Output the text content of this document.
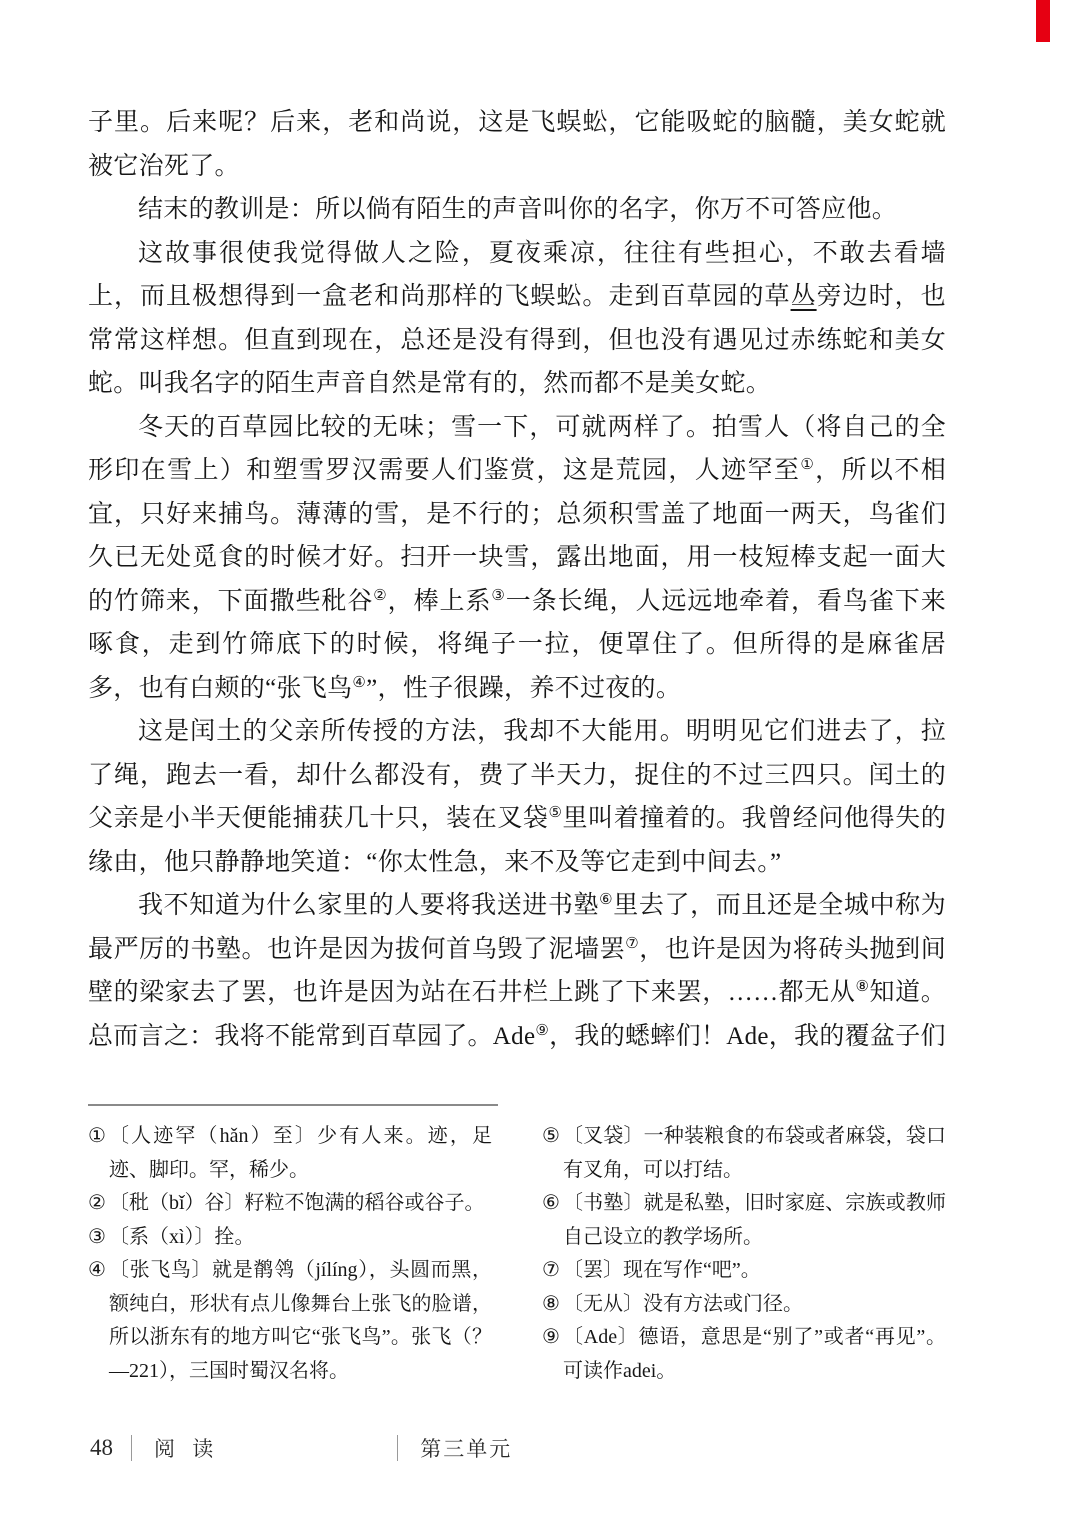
子里。后来呢？后来，老和尚说，这是飞蜈蚣，它能吸蛇的脑髓，美女蛇就被它治死了。

结末的教训是：所以倘有陌生的声音叫你的名字，你万不可答应他。

这故事很使我觉得做人之险，夏夜乘凉，往往有些担心，不敢去看墙上，而且极想得到一盒老和尚那样的飞蜈蚣。走到百草园的草丛旁边时，也常常这样想。但直到现在，总还是没有得到，但也没有遇见过赤练蛇和美女蛇。叫我名字的陌生声音自然是常有的，然而都不是美女蛇。

冬天的百草园比较的无味；雪一下，可就两样了。拍雪人（将自己的全形印在雪上）和塑雪罗汉需要人们鉴赏，这是荒园，人迹罕至①，所以不相宜，只好来捕鸟。薄薄的雪，是不行的；总须积雪盖了地面一两天，鸟雀们久已无处觅食的时候才好。扫开一块雪，露出地面，用一枝短棒支起一面大的竹筛来，下面撒些秕谷②，棒上系③一条长绳，人远远地牵着，看鸟雀下来啄食，走到竹筛底下的时候，将绳子一拉，便罩住了。但所得的是麻雀居多，也有白颊的“张飞鸟④”，性子很躁，养不过夜的。

这是闰土的父亲所传授的方法，我却不大能用。明明见它们进去了，拉了绳，跑去一看，却什么都没有，费了半天力，捉住的不过三四只。闰土的父亲是小半天便能捕获几十只，装在叉袋⑤里叫着撞着的。我曾经问他得失的缘由，他只静静地笑道：“你太性急，来不及等它走到中间去。”

我不知道为什么家里的人要将我送进书塾⑥里去了，而且还是全城中称为最严厉的书塾。也许是因为拔何首乌毁了泥墙罢⑦，也许是因为将砖头抛到间壁的梁家去了罢，也许是因为站在石井栏上跳了下来罢，……都无从⑧知道。总而言之：我将不能常到百草园了。Ade⑨，我的蟋蟀们！Ade，我的覆盆子们

① 〔人迹罕（hǎn）至〕少有人来。迹，足迹、脚印。罕，稀少。
② 〔秕（bǐ）谷〕籽粒不饱满的稻谷或谷子。
③ 〔系（xì）〕拴。
④ 〔张飞鸟〕就是鹡鸰（jílíng），头圆而黑，额纯白，形状有点儿像舞台上张飞的脸谱，所以浙东有的地方叫它“张飞鸟”。张飞（？—221），三国时蜀汉名将。
⑤ 〔叉袋〕一种装粮食的布袋或者麻袋，袋口有叉角，可以打结。
⑥ 〔书塾〕就是私塾，旧时家庭、宗族或教师自己设立的教学场所。
⑦ 〔罢〕现在写作“吧”。
⑧ 〔无从〕没有方法或门径。
⑨ 〔Ade〕德语，意思是“别了”或者“再见”。可读作adei。
48 阅 读	第三单元
